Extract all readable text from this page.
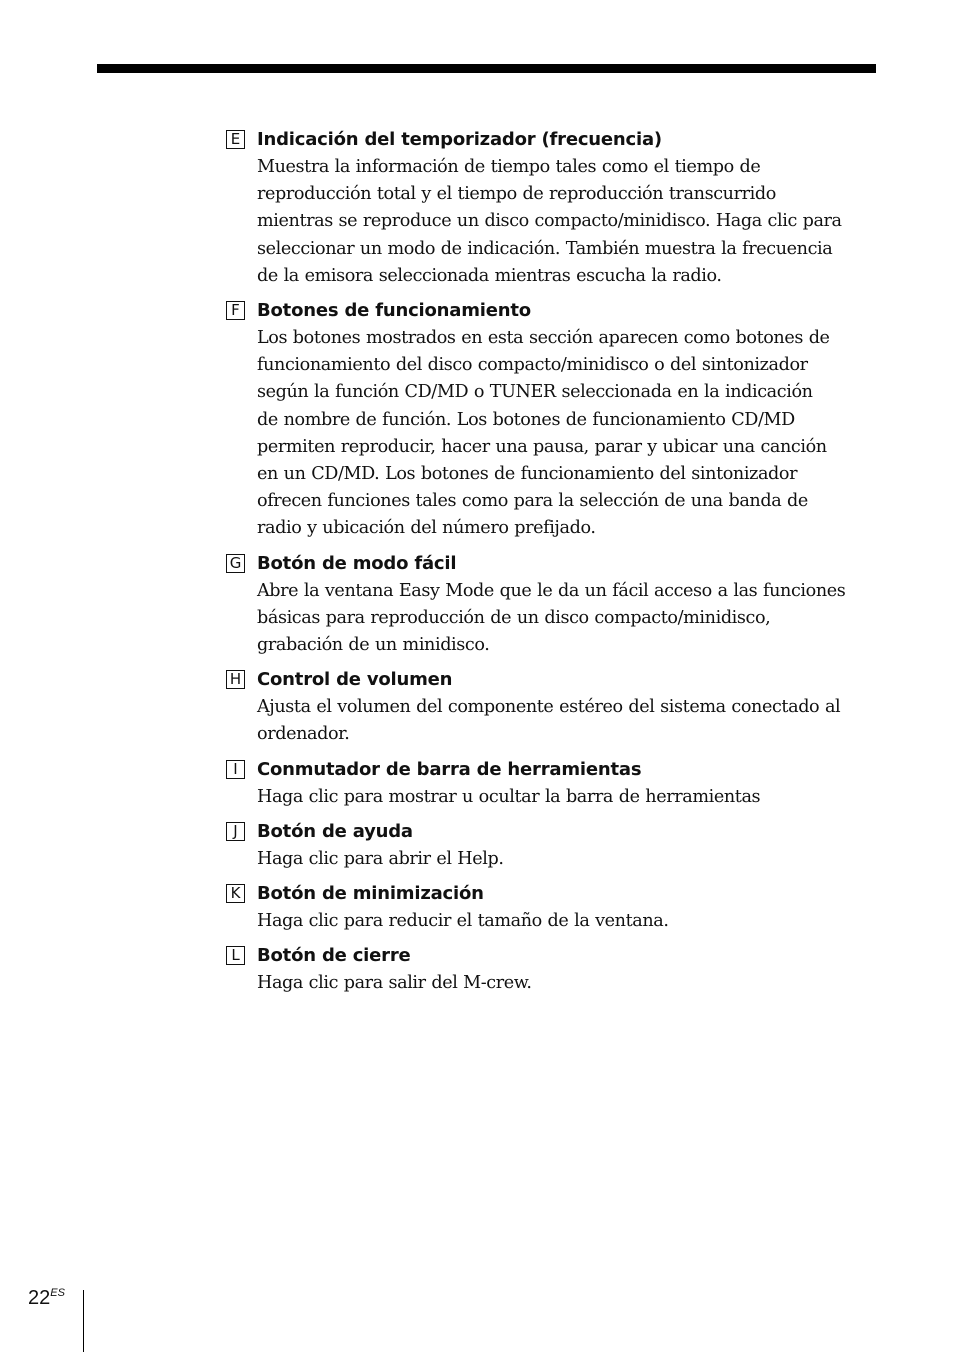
E Indicación del temporizador (frecuencia)
Muestra la información de tiempo tales como el tiempo de
reproducción total y el tiempo de reproducción transcurrido
mientras se reproduce un disco compacto/minidisco. Haga clic para
seleccionar un modo de indicación. También muestra la frecuencia
de la emisora seleccionada mientras escucha la radio.
F Botones de funcionamiento
Los botones mostrados en esta sección aparecen como botones de
funcionamiento del disco compacto/minidisco o del sintonizador
según la función CD/MD o TUNER seleccionada en la indicación
de nombre de función. Los botones de funcionamiento CD/MD
permiten reproducir, hacer una pausa, parar y ubicar una canción
en un CD/MD. Los botones de funcionamiento del sintonizador
ofrecen funciones tales como para la selección de una banda de
radio y ubicación del número prefijado.
G Botón de modo fácil
Abre la ventana Easy Mode que le da un fácil acceso a las funciones
básicas para reproducción de un disco compacto/minidisco,
grabación de un minidisco.
H Control de volumen
Ajusta el volumen del componente estéreo del sistema conectado al
ordenador.
I	Conmutador de barra de herramientas
Haga clic para mostrar u ocultar la barra de herramientas
J	Botón de ayuda
Haga clic para abrir el Help.
K Botón de minimización
Haga clic para reducir el tamaño de la ventana.
L Botón de cierre
Haga clic para salir del M-crew.
$22^{ES}$
